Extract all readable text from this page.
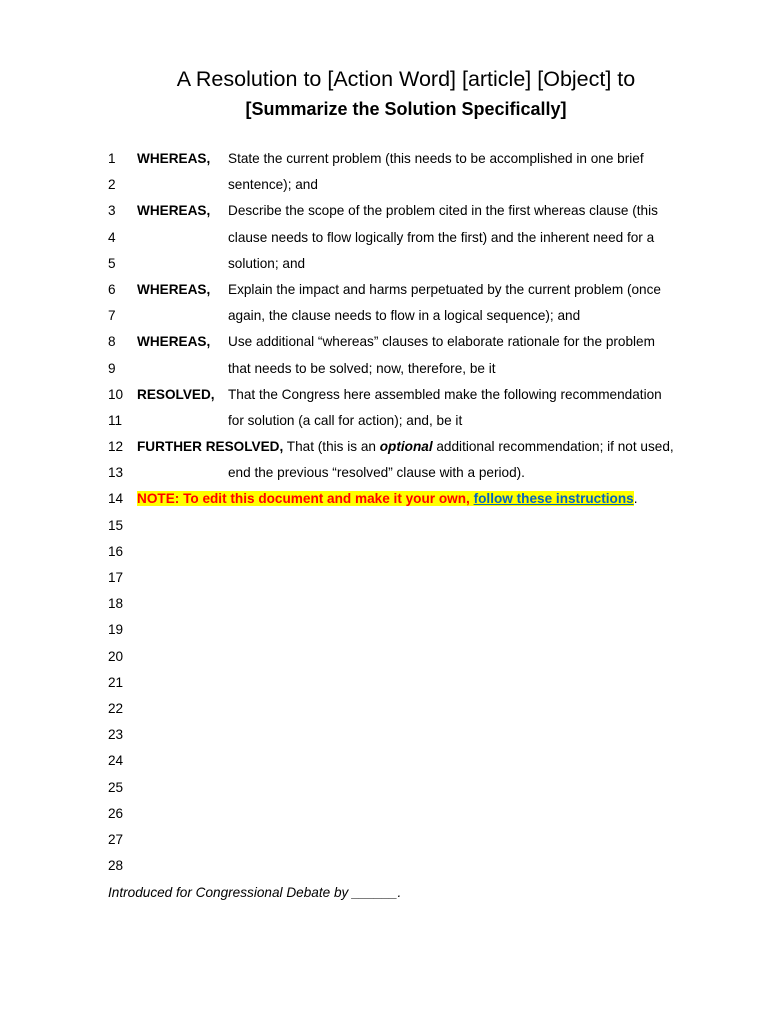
A Resolution to [Action Word] [article] [Object] to
[Summarize the Solution Specifically]
1 WHEREAS, State the current problem (this needs to be accomplished in one brief
2	sentence); and
3 WHEREAS, Describe the scope of the problem cited in the first whereas clause (this
4	clause needs to flow logically from the first) and the inherent need for a
5	solution; and
6 WHEREAS, Explain the impact and harms perpetuated by the current problem (once
7	again, the clause needs to flow in a logical sequence); and
8 WHEREAS, Use additional “whereas” clauses to elaborate rationale for the problem
9	that needs to be solved; now, therefore, be it
10 RESOLVED, That the Congress here assembled make the following recommendation
11	for solution (a call for action); and, be it
12 FURTHER RESOLVED, That (this is an optional additional recommendation; if not used,
13	end the previous “resolved” clause with a period).
14 NOTE: To edit this document and make it your own, follow these instructions.
15
16
17
18
19
20
21
22
23
24
25
26
27
28
Introduced for Congressional Debate by ______.
